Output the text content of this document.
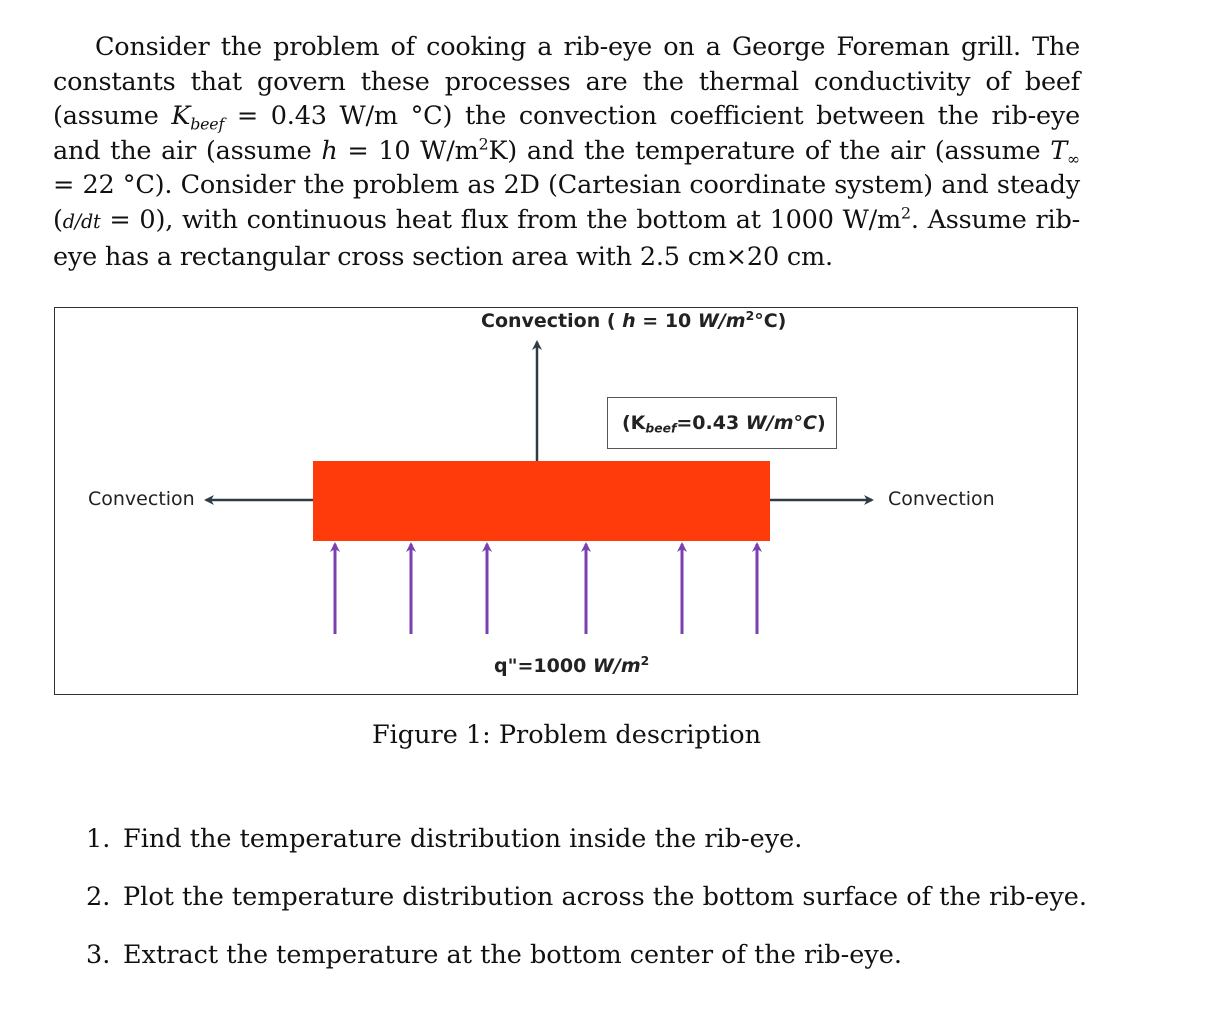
Consider the problem of cooking a rib-eye on a George Foreman grill. The constants that govern these processes are the thermal conductivity of beef (assume $K_{beef} = 0.43$ W/m °C) the convection coefficient between the rib-eye and the air (assume h = 10 $W/m^2K$) and the temperature of the air (assume $T_\infty = 22$ °C). Consider the problem as 2D (Cartesian coordinate system) and steady (d/dt = 0), with continuous heat flux from the bottom at 1000 $W/m^2$. Assume rib-eye has a rectangular cross section area with 2.5 cm×20 cm.

Convection ( h = 10 $W/m^2^\circ C$)
($K_{beef}=0.43$ W/m°C)
Convection	Convection
q"=1000 $W/m^2$
Figure 1: Problem description
1. Find the temperature distribution inside the rib-eye.
2. Plot the temperature distribution across the bottom surface of the rib-eye.
3. Extract the temperature at the bottom center of the rib-eye.
